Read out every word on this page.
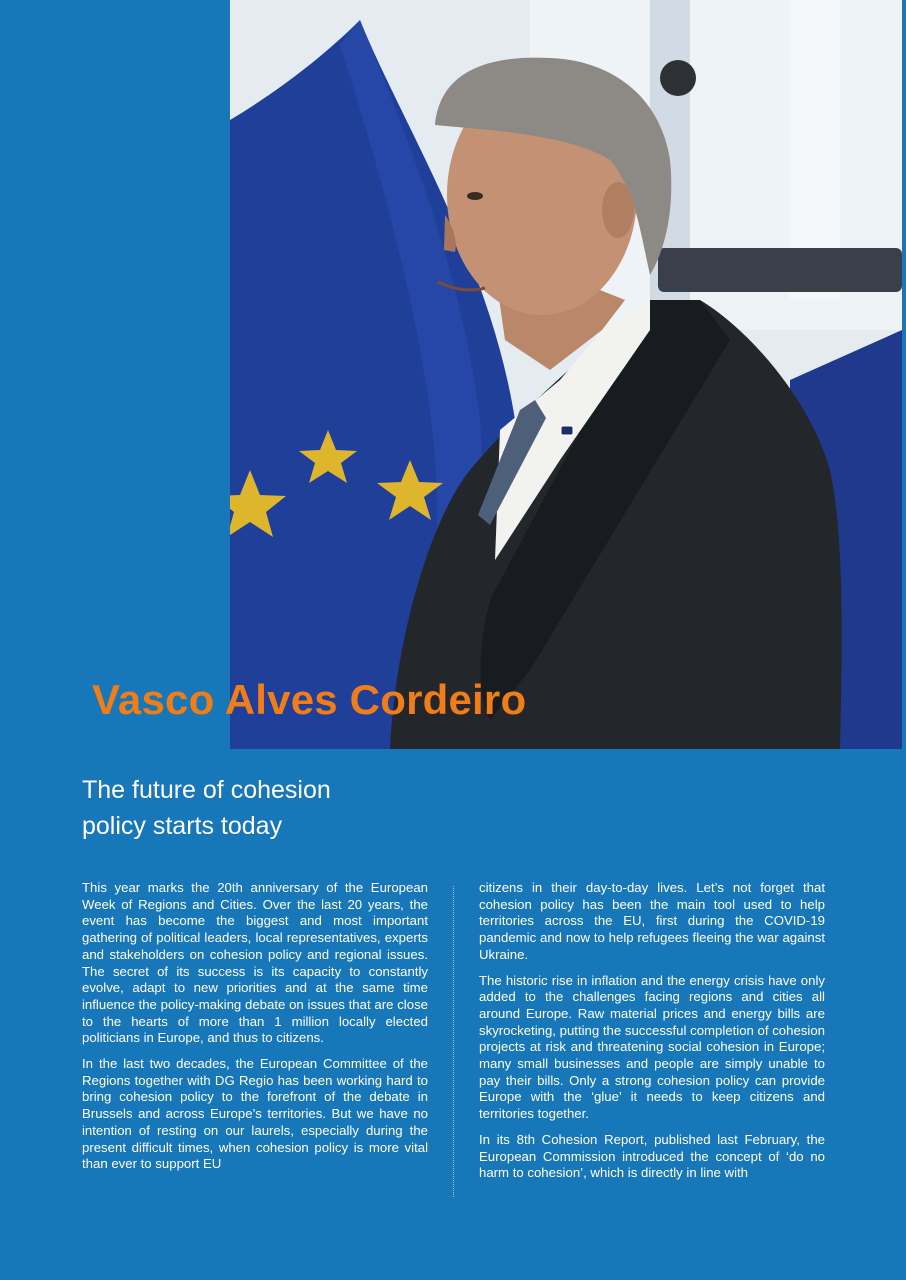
Vasco Alves Cordeiro
The future of cohesion
policy starts today

This year marks the 20th anniversary of the European Week of Regions and Cities. Over the last 20 years, the event has become the biggest and most important gathering of political leaders, local representatives, experts and stakeholders on cohesion policy and regional issues. The secret of its success is its capacity to constantly evolve, adapt to new priorities and at the same time influence the policy-making debate on issues that are close to the hearts of more than 1 million locally elected politicians in Europe, and thus to citizens.

In the last two decades, the European Committee of the Regions together with DG Regio has been working hard to bring cohesion policy to the forefront of the debate in Brussels and across Europe’s territories. But we have no intention of resting on our laurels, especially during the present difficult times, when cohesion policy is more vital than ever to support EU

citizens in their day-to-day lives. Let’s not forget that cohesion policy has been the main tool used to help territories across the EU, first during the COVID-19 pandemic and now to help refugees fleeing the war against Ukraine.

The historic rise in inflation and the energy crisis have only added to the challenges facing regions and cities all around Europe. Raw material prices and energy bills are skyrocketing, putting the successful completion of cohesion projects at risk and threatening social cohesion in Europe; many small businesses and people are simply unable to pay their bills. Only a strong cohesion policy can provide Europe with the ‘glue’ it needs to keep citizens and territories together.

In its 8th Cohesion Report, published last February, the European Commission introduced the concept of ‘do no harm to cohesion’, which is directly in line with
